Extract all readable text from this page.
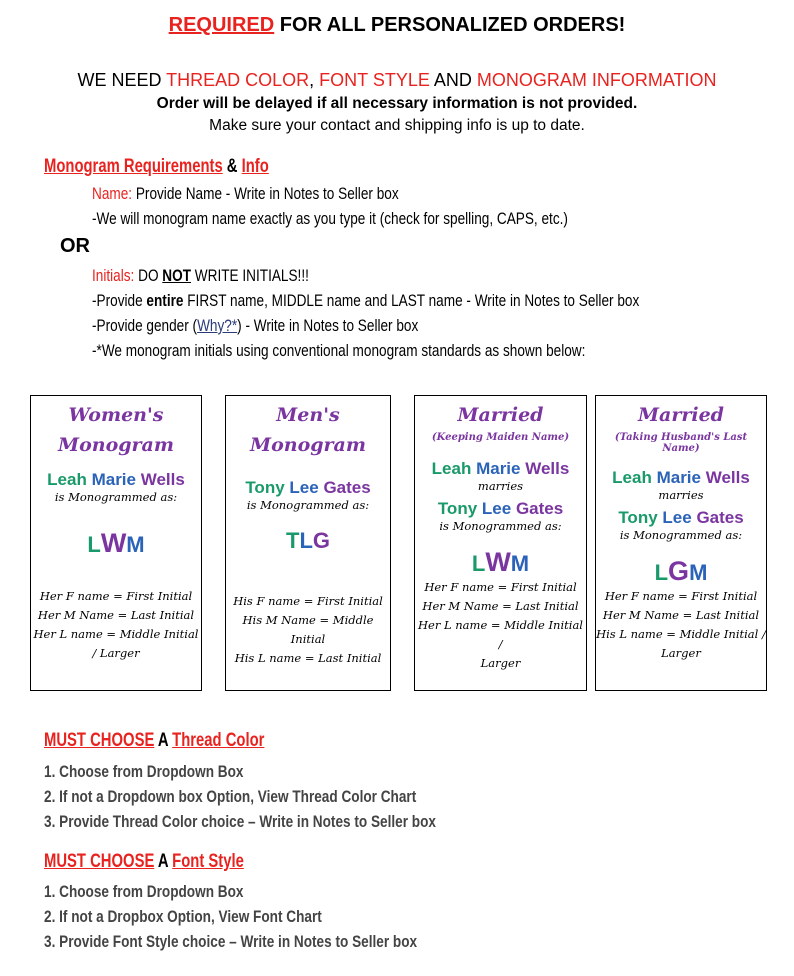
REQUIRED FOR ALL PERSONALIZED ORDERS!
WE NEED THREAD COLOR, FONT STYLE AND MONOGRAM INFORMATION
Order will be delayed if all necessary information is not provided.
Make sure your contact and shipping info is up to date.
Monogram Requirements & Info
Name: Provide Name - Write in Notes to Seller box
-We will monogram name exactly as you type it (check for spelling, CAPS, etc.)
OR
Initials: DO NOT WRITE INITIALS!!!
-Provide entire FIRST name, MIDDLE name and LAST name - Write in Notes to Seller box
-Provide gender (Why?*) - Write in Notes to Seller box
-*We monogram initials using conventional monogram standards as shown below:
Women's
Monogram
Leah Marie Wells
is Monogrammed as:
LWM
Her F name = First Initial
Her M Name = Last Initial
Her L name = Middle Initial
/ Larger
Men's
Monogram
Tony Lee Gates
is Monogrammed as:
TLG
His F name = First Initial
His M Name = Middle Initial
His L name = Last Initial
Married
(Keeping Maiden Name)
Leah Marie Wells
marries
Tony Lee Gates
is Monogrammed as:
LWM
Her F name = First Initial
Her M Name = Last Initial
Her L name = Middle Initial /
Larger
Married
(Taking Husband's Last Name)
Leah Marie Wells
marries
Tony Lee Gates
is Monogrammed as:
LGM
Her F name = First Initial
Her M Name = Last Initial
His L name = Middle Initial /
Larger
MUST CHOOSE A Thread Color
1. Choose from Dropdown Box
2. If not a Dropdown box Option, View Thread Color Chart
3. Provide Thread Color choice – Write in Notes to Seller box
MUST CHOOSE A Font Style
1. Choose from Dropdown Box
2. If not a Dropbox Option, View Font Chart
3. Provide Font Style choice – Write in Notes to Seller box
